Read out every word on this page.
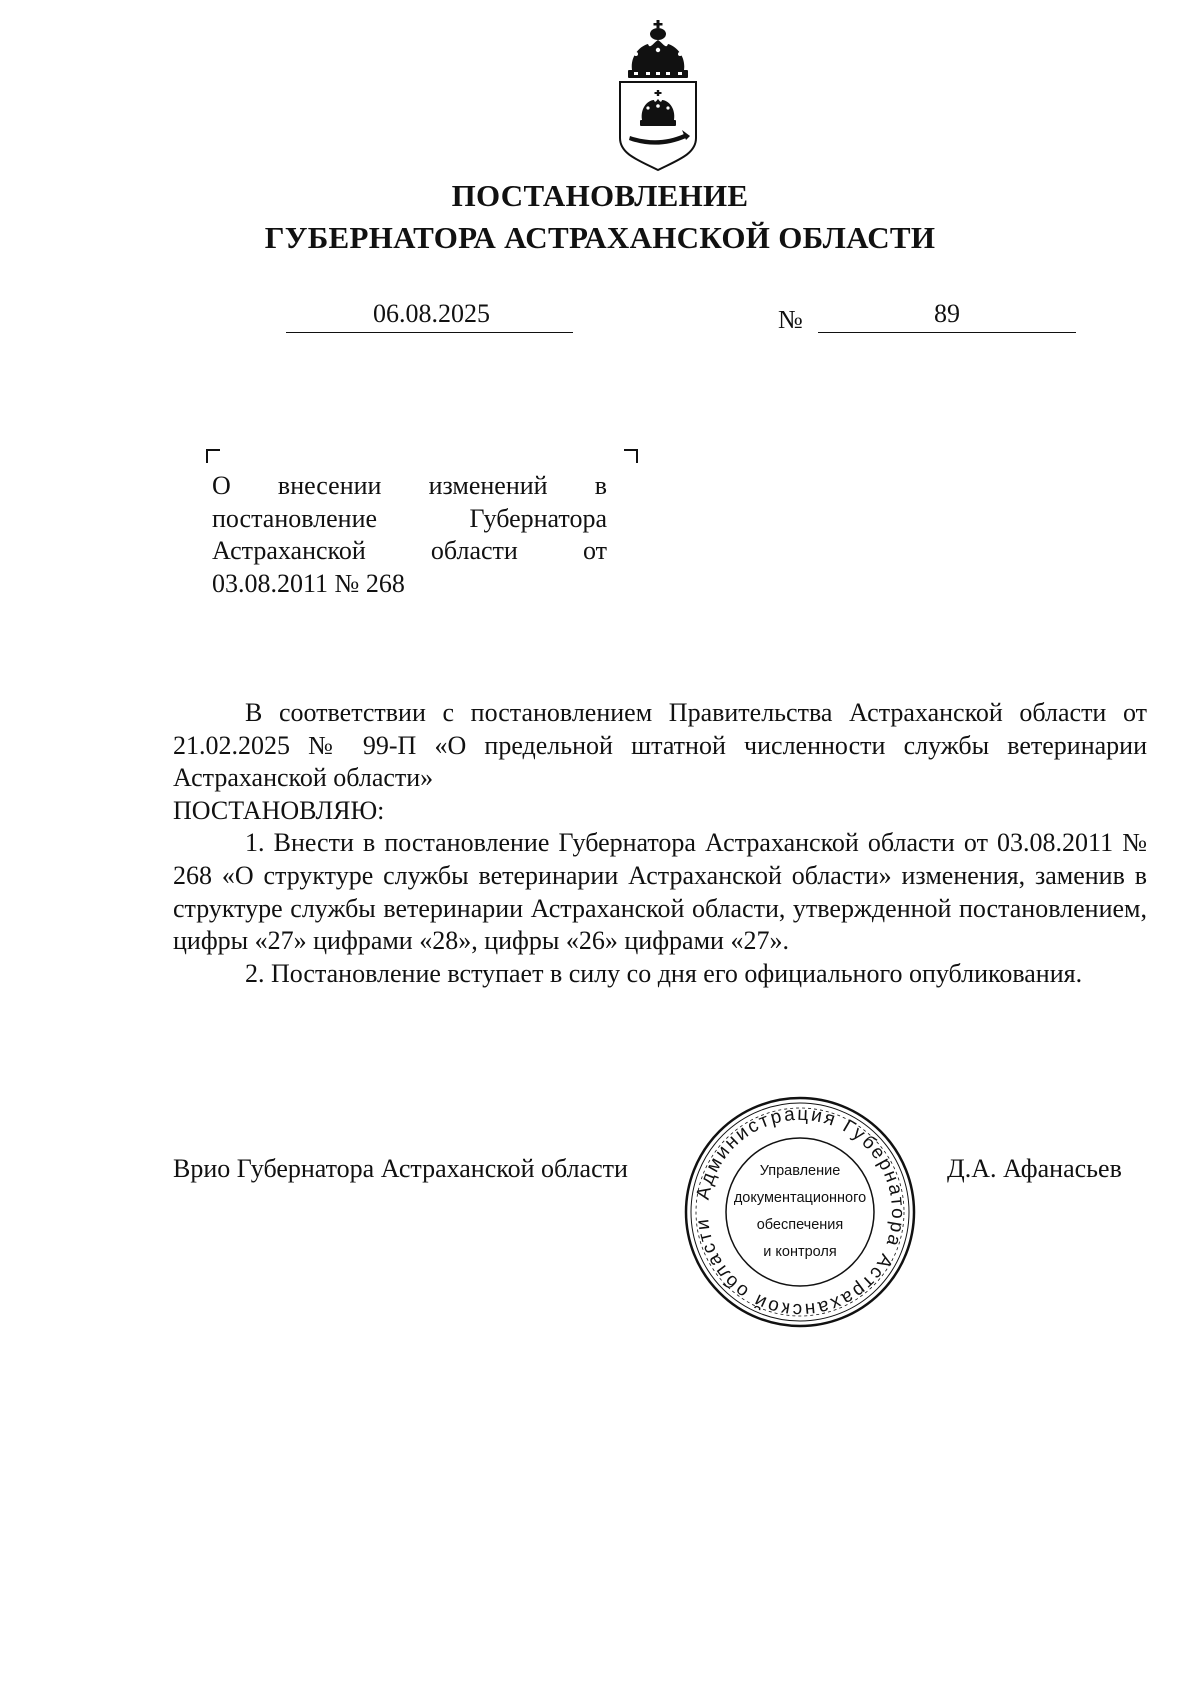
ПОСТАНОВЛЕНИЕ
ГУБЕРНАТОРА АСТРАХАНСКОЙ ОБЛАСТИ
06.08.2025	№	89

О внесении изменений в
постановление Губернатора
Астраханской области от
03.08.2011 № 268

В соответствии с постановлением Правительства Астраханской области от 21.02.2025 № 99-П «О предельной штатной численности службы ветеринарии Астраханской области»

ПОСТАНОВЛЯЮ:

1. Внести в постановление Губернатора Астраханской области от 03.08.2011 № 268 «О структуре службы ветеринарии Астраханской области» изменения, заменив в структуре службы ветеринарии Астраханской области, утвержденной постановлением, цифры «27» цифрами «28», цифры «26» цифрами «27».

2. Постановление вступает в силу со дня его официального опубликования.

Врио Губернатора Астраханской области	Д.А. Афанасьев
Администрация Губернатора Астраханской области
Управление
документационного
обеспечения
и контроля
